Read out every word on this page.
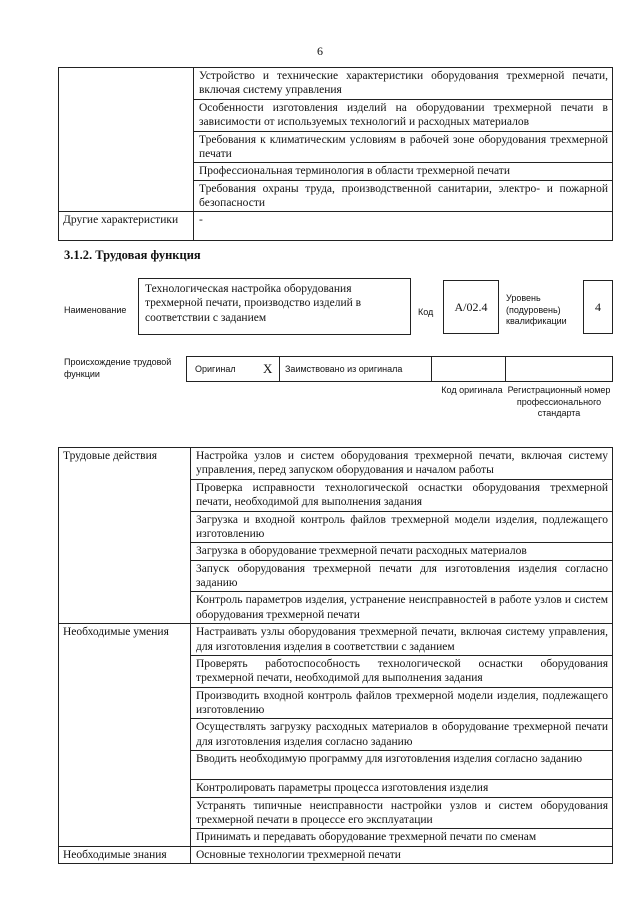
6
	Устройство и технические характеристики оборудования трехмерной печати, включая систему управления
	Особенности изготовления изделий на оборудовании трехмерной печати в зависимости от используемых технологий и расходных материалов
	Требования к климатическим условиям в рабочей зоне оборудования трехмерной печати
	Профессиональная терминология в области трехмерной печати
	Требования охраны труда, производственной санитарии, электро- и пожарной безопасности
Другие характеристики	-
3.1.2. Трудовая функция
Наименование
Технологическая настройка оборудования трехмерной печати, производство изделий в соответствии с заданием	Код A/02.4
Уровень (подуровень) квалификации
4
Происхождение трудовой функции	Оригинал X Заимствовано из оригинала
Код оригинала Регистрационный номер профессионального стандарта
Трудовые действия	Настройка узлов и систем оборудования трехмерной печати, включая систему управления, перед запуском оборудования и началом работы
	Проверка исправности технологической оснастки оборудования трехмерной печати, необходимой для выполнения задания
	Загрузка и входной контроль файлов трехмерной модели изделия, подлежащего изготовлению
	Загрузка в оборудование трехмерной печати расходных материалов
	Запуск оборудования трехмерной печати для изготовления изделия согласно заданию
	Контроль параметров изделия, устранение неисправностей в работе узлов и систем оборудования трехмерной печати
Необходимые умения	Настраивать узлы оборудования трехмерной печати, включая систему управления, для изготовления изделия в соответствии с заданием
	Проверять работоспособность технологической оснастки оборудования трехмерной печати, необходимой для выполнения задания
	Производить входной контроль файлов трехмерной модели изделия, подлежащего изготовлению
	Осуществлять загрузку расходных материалов в оборудование трехмерной печати для изготовления изделия согласно заданию
	Вводить необходимую программу для изготовления изделия согласно заданию
	Контролировать параметры процесса изготовления изделия
	Устранять типичные неисправности настройки узлов и систем оборудования трехмерной печати в процессе его эксплуатации
	Принимать и передавать оборудование трехмерной печати по сменам
Необходимые знания	Основные технологии трехмерной печати
